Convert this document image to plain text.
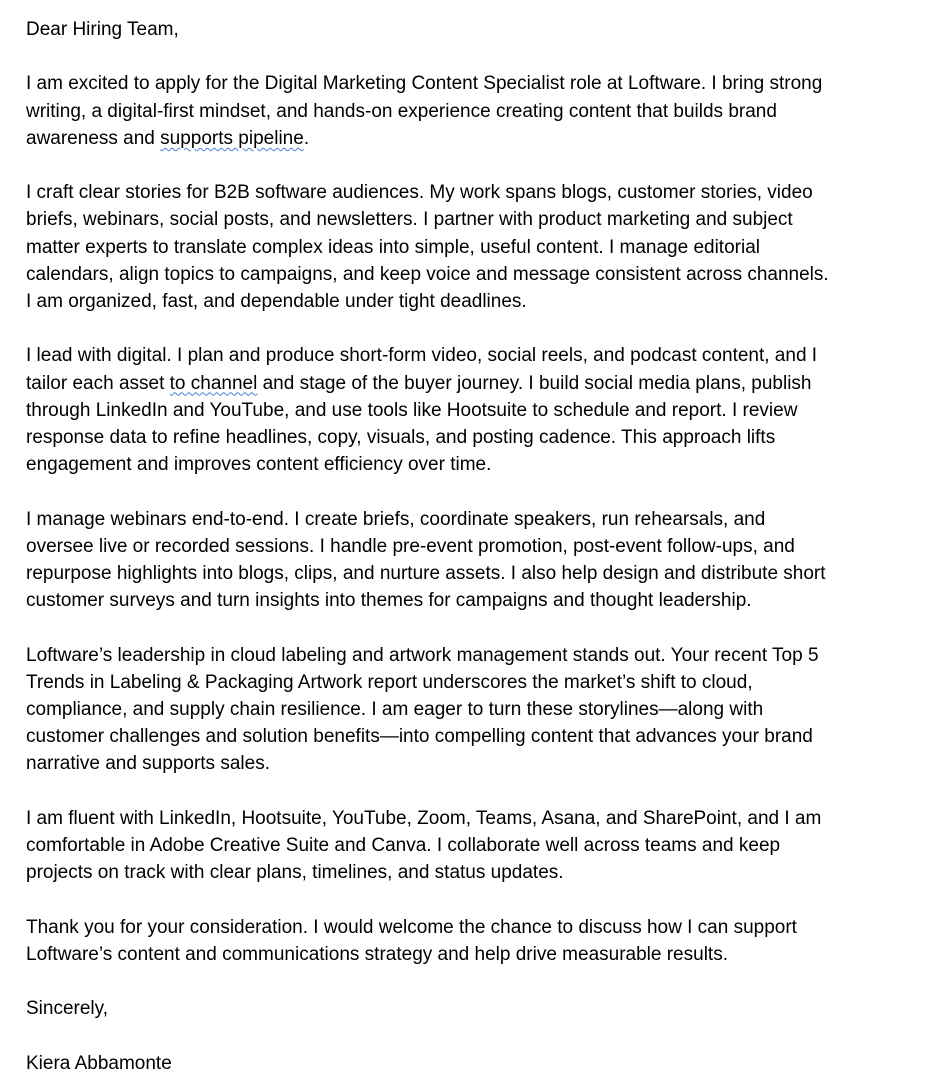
Dear Hiring Team,

I am excited to apply for the Digital Marketing Content Specialist role at Loftware. I bring strong
writing, a digital-first mindset, and hands-on experience creating content that builds brand
awareness and supports pipeline.

I craft clear stories for B2B software audiences. My work spans blogs, customer stories, video
briefs, webinars, social posts, and newsletters. I partner with product marketing and subject
matter experts to translate complex ideas into simple, useful content. I manage editorial
calendars, align topics to campaigns, and keep voice and message consistent across channels.
I am organized, fast, and dependable under tight deadlines.

I lead with digital. I plan and produce short-form video, social reels, and podcast content, and I
tailor each asset to channel and stage of the buyer journey. I build social media plans, publish
through LinkedIn and YouTube, and use tools like Hootsuite to schedule and report. I review
response data to refine headlines, copy, visuals, and posting cadence. This approach lifts
engagement and improves content efficiency over time.

I manage webinars end-to-end. I create briefs, coordinate speakers, run rehearsals, and
oversee live or recorded sessions. I handle pre-event promotion, post-event follow-ups, and
repurpose highlights into blogs, clips, and nurture assets. I also help design and distribute short
customer surveys and turn insights into themes for campaigns and thought leadership.

Loftware’s leadership in cloud labeling and artwork management stands out. Your recent Top 5
Trends in Labeling & Packaging Artwork report underscores the market’s shift to cloud,
compliance, and supply chain resilience. I am eager to turn these storylines—along with
customer challenges and solution benefits—into compelling content that advances your brand
narrative and supports sales.

I am fluent with LinkedIn, Hootsuite, YouTube, Zoom, Teams, Asana, and SharePoint, and I am
comfortable in Adobe Creative Suite and Canva. I collaborate well across teams and keep
projects on track with clear plans, timelines, and status updates.

Thank you for your consideration. I would welcome the chance to discuss how I can support
Loftware’s content and communications strategy and help drive measurable results.

Sincerely,

Kiera Abbamonte
